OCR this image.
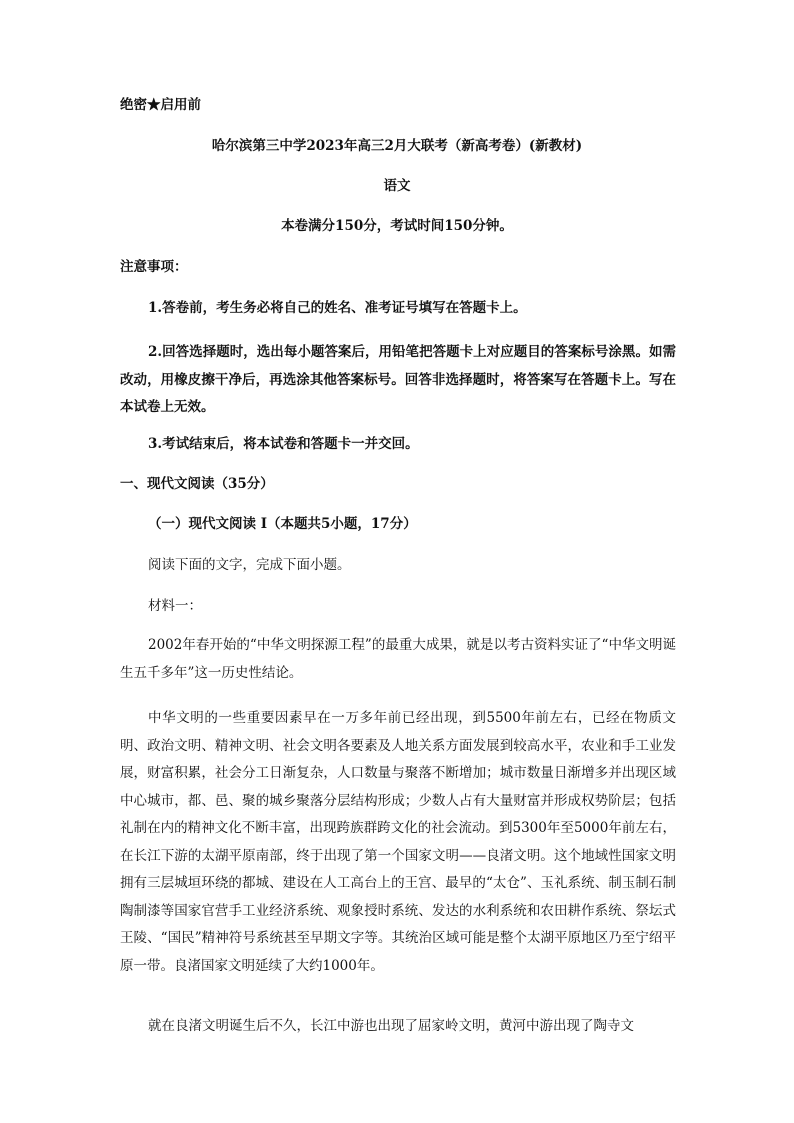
绝密★启用前
哈尔滨第三中学2023年高三2月大联考（新高考卷）(新教材)
语文
本卷满分150分，考试时间150分钟。
注意事项：
1.答卷前，考生务必将自己的姓名、准考证号填写在答题卡上。
2.回答选择题时，选出每小题答案后，用铅笔把答题卡上对应题目的答案标号涂黑。如需改动，用橡皮擦干净后，再选涂其他答案标号。回答非选择题时，将答案写在答题卡上。写在本试卷上无效。
3.考试结束后，将本试卷和答题卡一并交回。
一、现代文阅读（35分）
（一）现代文阅读 I（本题共5小题，17分）
阅读下面的文字，完成下面小题。
材料一：
2002年春开始的“中华文明探源工程”的最重大成果，就是以考古资料实证了“中华文明诞生五千多年”这一历史性结论。
中华文明的一些重要因素早在一万多年前已经出现，到5500年前左右，已经在物质文明、政治文明、精神文明、社会文明各要素及人地关系方面发展到较高水平，农业和手工业发展，财富积累，社会分工日渐复杂，人口数量与聚落不断增加；城市数量日渐增多并出现区域中心城市，都、邑、聚的城乡聚落分层结构形成；少数人占有大量财富并形成权势阶层；包括礼制在内的精神文化不断丰富，出现跨族群跨文化的社会流动。到5300年至5000年前左右，在长江下游的太湖平原南部，终于出现了第一个国家文明——良渚文明。这个地域性国家文明拥有三层城垣环绕的都城、建设在人工高台上的王宫、最早的“太仓”、玉礼系统、制玉制石制陶制漆等国家官营手工业经济系统、观象授时系统、发达的水利系统和农田耕作系统、祭坛式王陵、“国民”精神符号系统甚至早期文字等。其统治区域可能是整个太湖平原地区乃至宁绍平原一带。良渚国家文明延续了大约1000年。
就在良渚文明诞生后不久，长江中游也出现了屈家岭文明，黄河中游出现了陶寺文
